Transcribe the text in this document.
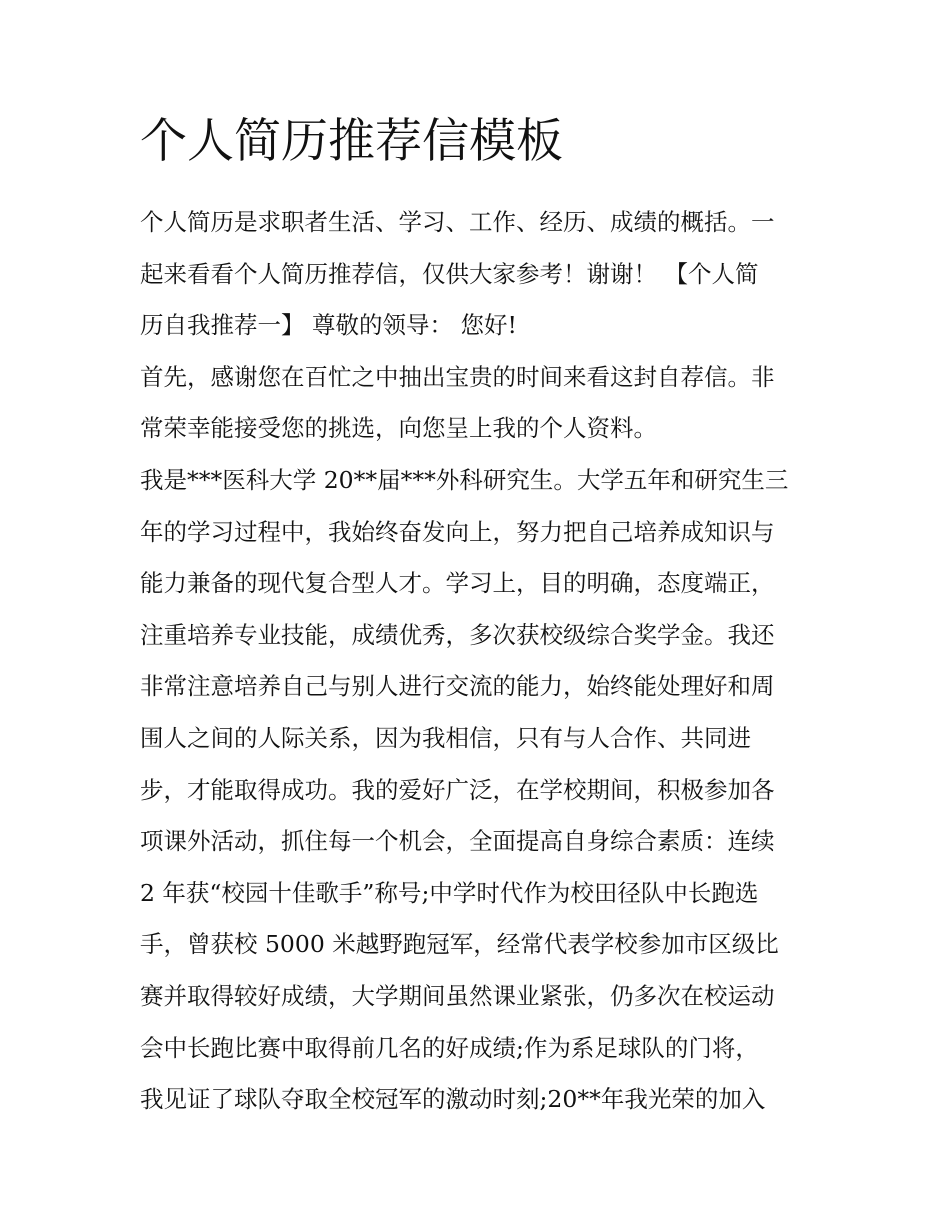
个人简历推荐信模板
个人简历是求职者生活、学习、工作、经历、成绩的概括。一
起来看看个人简历推荐信，仅供大家参考！谢谢！ 【个人简
历自我推荐一】 尊敬的领导： 您好!
首先，感谢您在百忙之中抽出宝贵的时间来看这封自荐信。非
常荣幸能接受您的挑选，向您呈上我的个人资料。
我是***医科大学 20**届***外科研究生。大学五年和研究生三
年的学习过程中，我始终奋发向上，努力把自己培养成知识与
能力兼备的现代复合型人才。学习上，目的明确，态度端正，
注重培养专业技能，成绩优秀，多次获校级综合奖学金。我还
非常注意培养自己与别人进行交流的能力，始终能处理好和周
围人之间的人际关系，因为我相信，只有与人合作、共同进
步，才能取得成功。我的爱好广泛，在学校期间，积极参加各
项课外活动，抓住每一个机会，全面提高自身综合素质：连续
2 年获“校园十佳歌手”称号;中学时代作为校田径队中长跑选
手，曾获校 5000 米越野跑冠军，经常代表学校参加市区级比
赛并取得较好成绩，大学期间虽然课业紧张，仍多次在校运动
会中长跑比赛中取得前几名的好成绩;作为系足球队的门将，
我见证了球队夺取全校冠军的激动时刻;20**年我光荣的加入
